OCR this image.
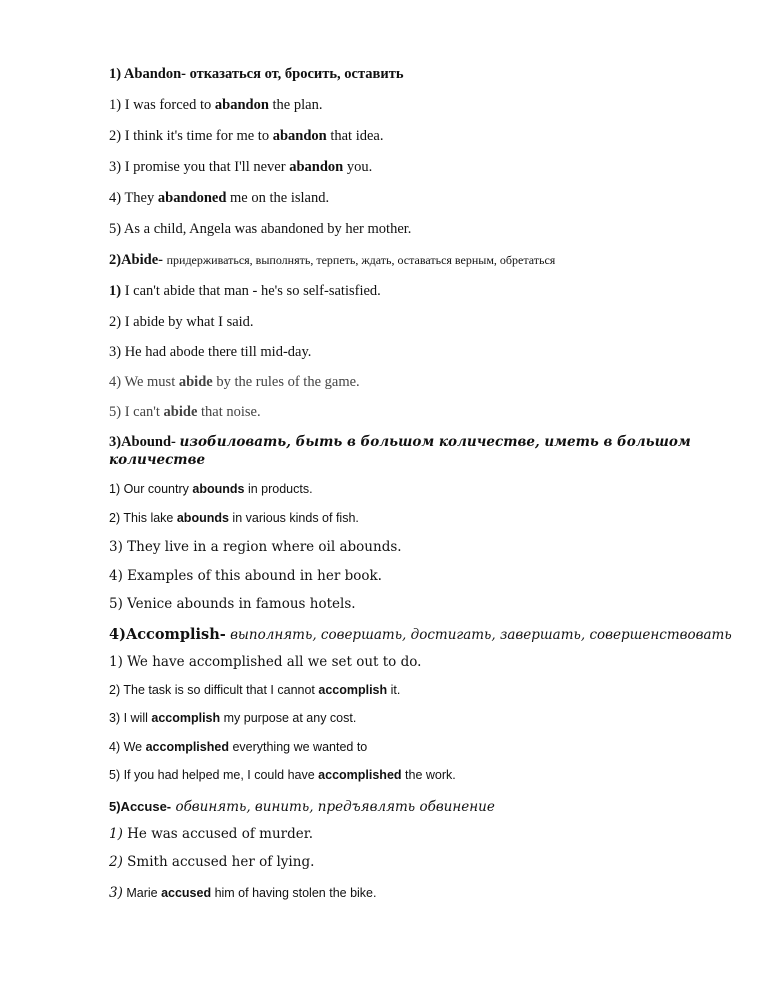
1) Abandon- отказаться от, бросить, оставить
1) I was forced to abandon the plan.
2) I think it's time for me to abandon that idea.
3) I promise you that I'll never abandon you.
4) They abandoned me on the island.
5) As a child, Angela was abandoned by her mother.
2)Abide- придерживаться, выполнять, терпеть, ждать, оставаться верным, обретаться
1) I can't abide that man - he's so self-satisfied.
2) I abide by what I said.
3) He had abode there till mid-day.
4) We must abide by the rules of the game.
5) I can't abide that noise.
3)Abound- изобиловать, быть в большом количестве, иметь в большом
количестве
1) Our country abounds in products.
2) This lake abounds in various kinds of fish.
3) They live in a region where oil abounds.
4) Examples of this abound in her book.
5) Venice abounds in famous hotels.
4)Accomplish- выполнять, совершать, достигать, завершать, совершенствовать
1) We have accomplished all we set out to do.
2) The task is so difficult that I cannot accomplish it.
3) I will accomplish my purpose at any cost.
4) We accomplished everything we wanted to
5) If you had helped me, I could have accomplished the work.
5)Accuse- обвинять, винить, предъявлять обвинение
1) He was accused of murder.
2) Smith accused her of lying.
3) Marie accused him of having stolen the bike.
